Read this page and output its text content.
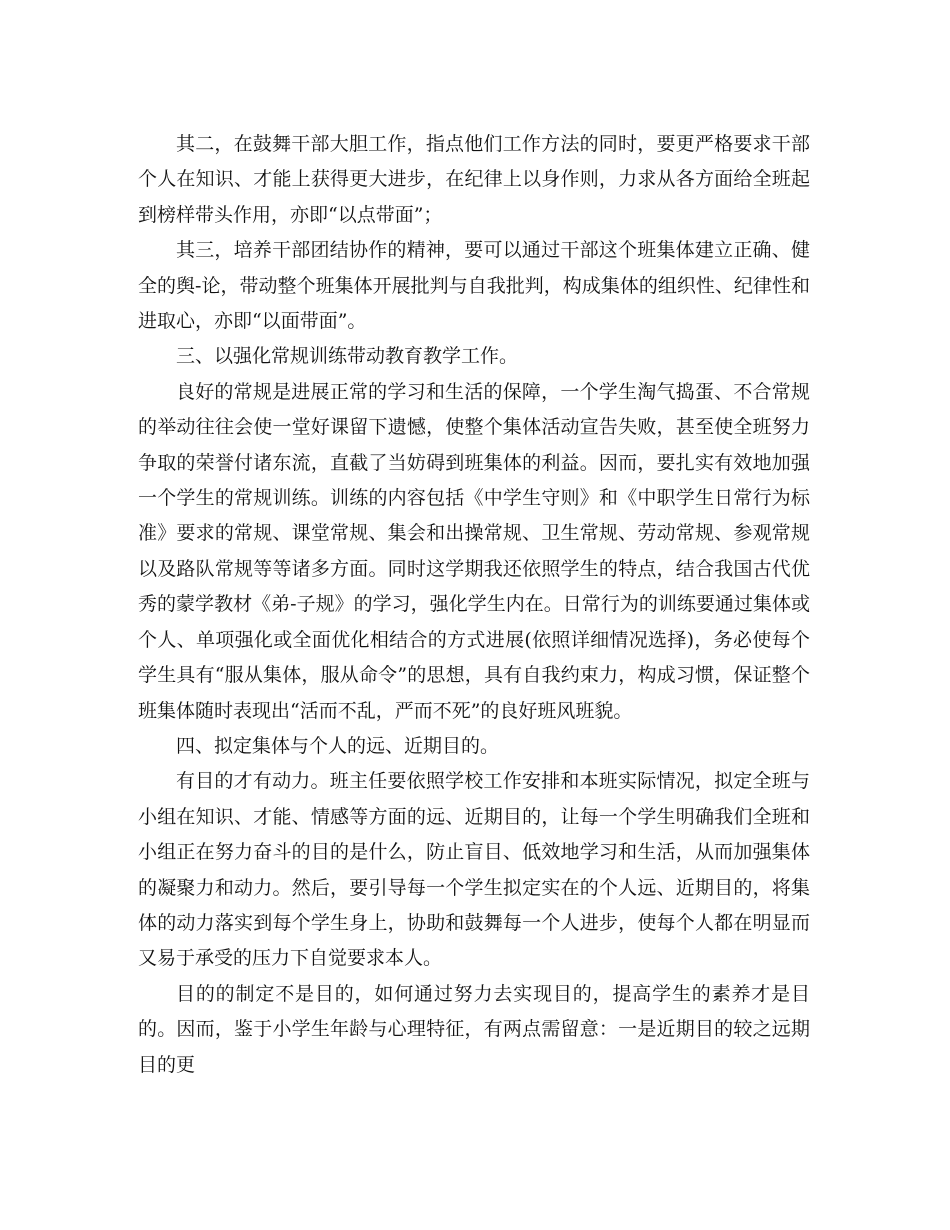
其二，在鼓舞干部大胆工作，指点他们工作方法的同时，要更严格要求干部个人在知识、才能上获得更大进步，在纪律上以身作则，力求从各方面给全班起到榜样带头作用，亦即“以点带面”；

其三，培养干部团结协作的精神，要可以通过干部这个班集体建立正确、健全的舆-论，带动整个班集体开展批判与自我批判，构成集体的组织性、纪律性和进取心，亦即“以面带面”。

三、以强化常规训练带动教育教学工作。

良好的常规是进展正常的学习和生活的保障，一个学生淘气捣蛋、不合常规的举动往往会使一堂好课留下遗憾，使整个集体活动宣告失败，甚至使全班努力争取的荣誉付诸东流，直截了当妨碍到班集体的利益。因而，要扎实有效地加强一个学生的常规训练。训练的内容包括《中学生守则》和《中职学生日常行为标准》要求的常规、课堂常规、集会和出操常规、卫生常规、劳动常规、参观常规以及路队常规等等诸多方面。同时这学期我还依照学生的特点，结合我国古代优秀的蒙学教材《弟-子规》的学习，强化学生内在。日常行为的训练要通过集体或个人、单项强化或全面优化相结合的方式进展(依照详细情况选择)，务必使每个学生具有“服从集体，服从命令”的思想，具有自我约束力，构成习惯，保证整个班集体随时表现出“活而不乱，严而不死”的良好班风班貌。

四、拟定集体与个人的远、近期目的。

有目的才有动力。班主任要依照学校工作安排和本班实际情况，拟定全班与小组在知识、才能、情感等方面的远、近期目的，让每一个学生明确我们全班和小组正在努力奋斗的目的是什么，防止盲目、低效地学习和生活，从而加强集体的凝聚力和动力。然后，要引导每一个学生拟定实在的个人远、近期目的，将集体的动力落实到每个学生身上，协助和鼓舞每一个人进步，使每个人都在明显而又易于承受的压力下自觉要求本人。

目的的制定不是目的，如何通过努力去实现目的，提高学生的素养才是目的。因而，鉴于小学生年龄与心理特征，有两点需留意：一是近期目的较之远期目的更
